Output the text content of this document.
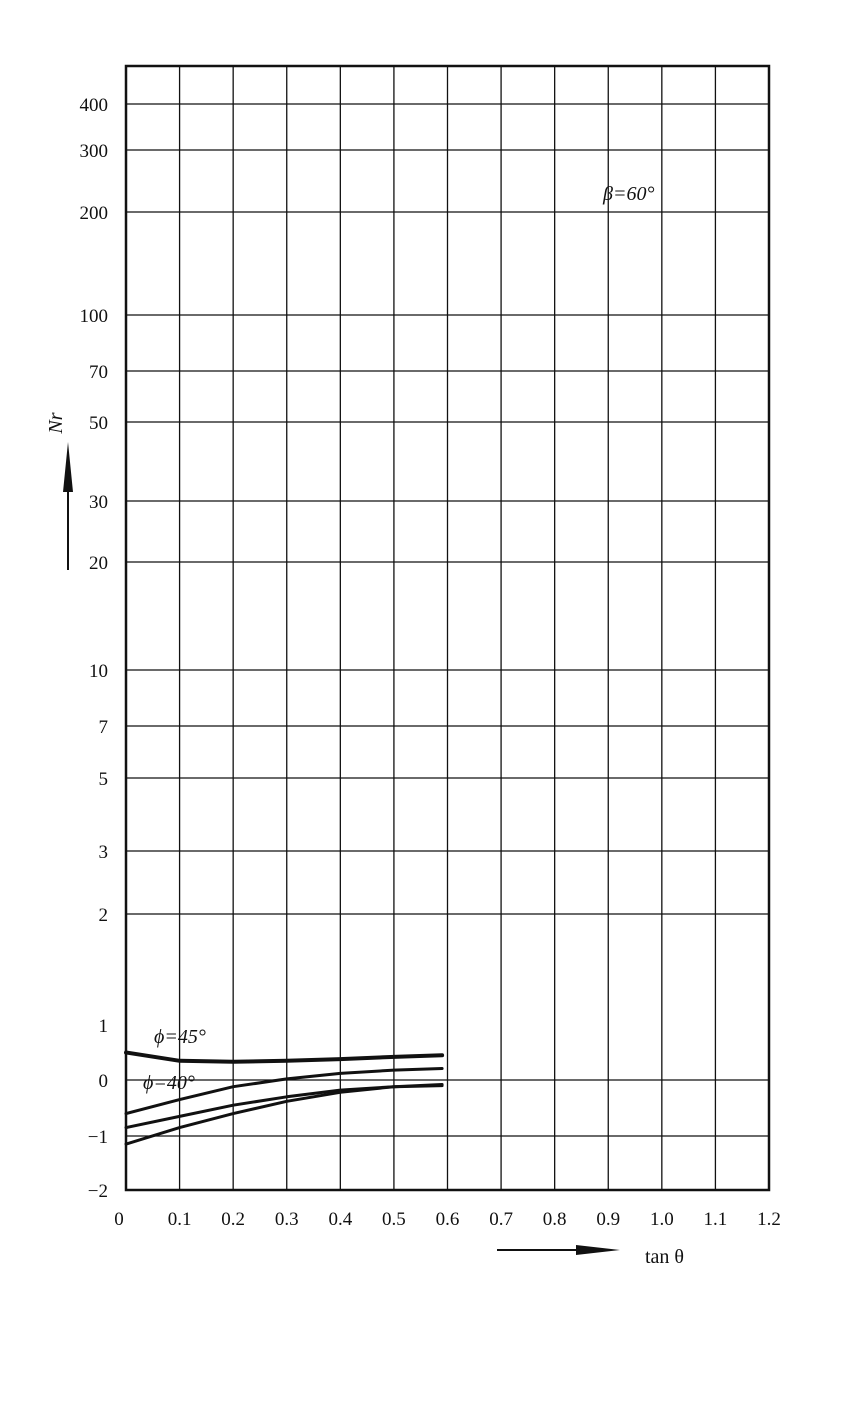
400
300
200
100
70
50
30
20
10
7
5
3
2
1
0
−1
−2
0 0.1 0.2 0.3 0.4 0.5 0.6 0.7 0.8 0.9 1.0 1.1 1.2
β=60°
ϕ=45°
ϕ=40°
Nr
tan θ
